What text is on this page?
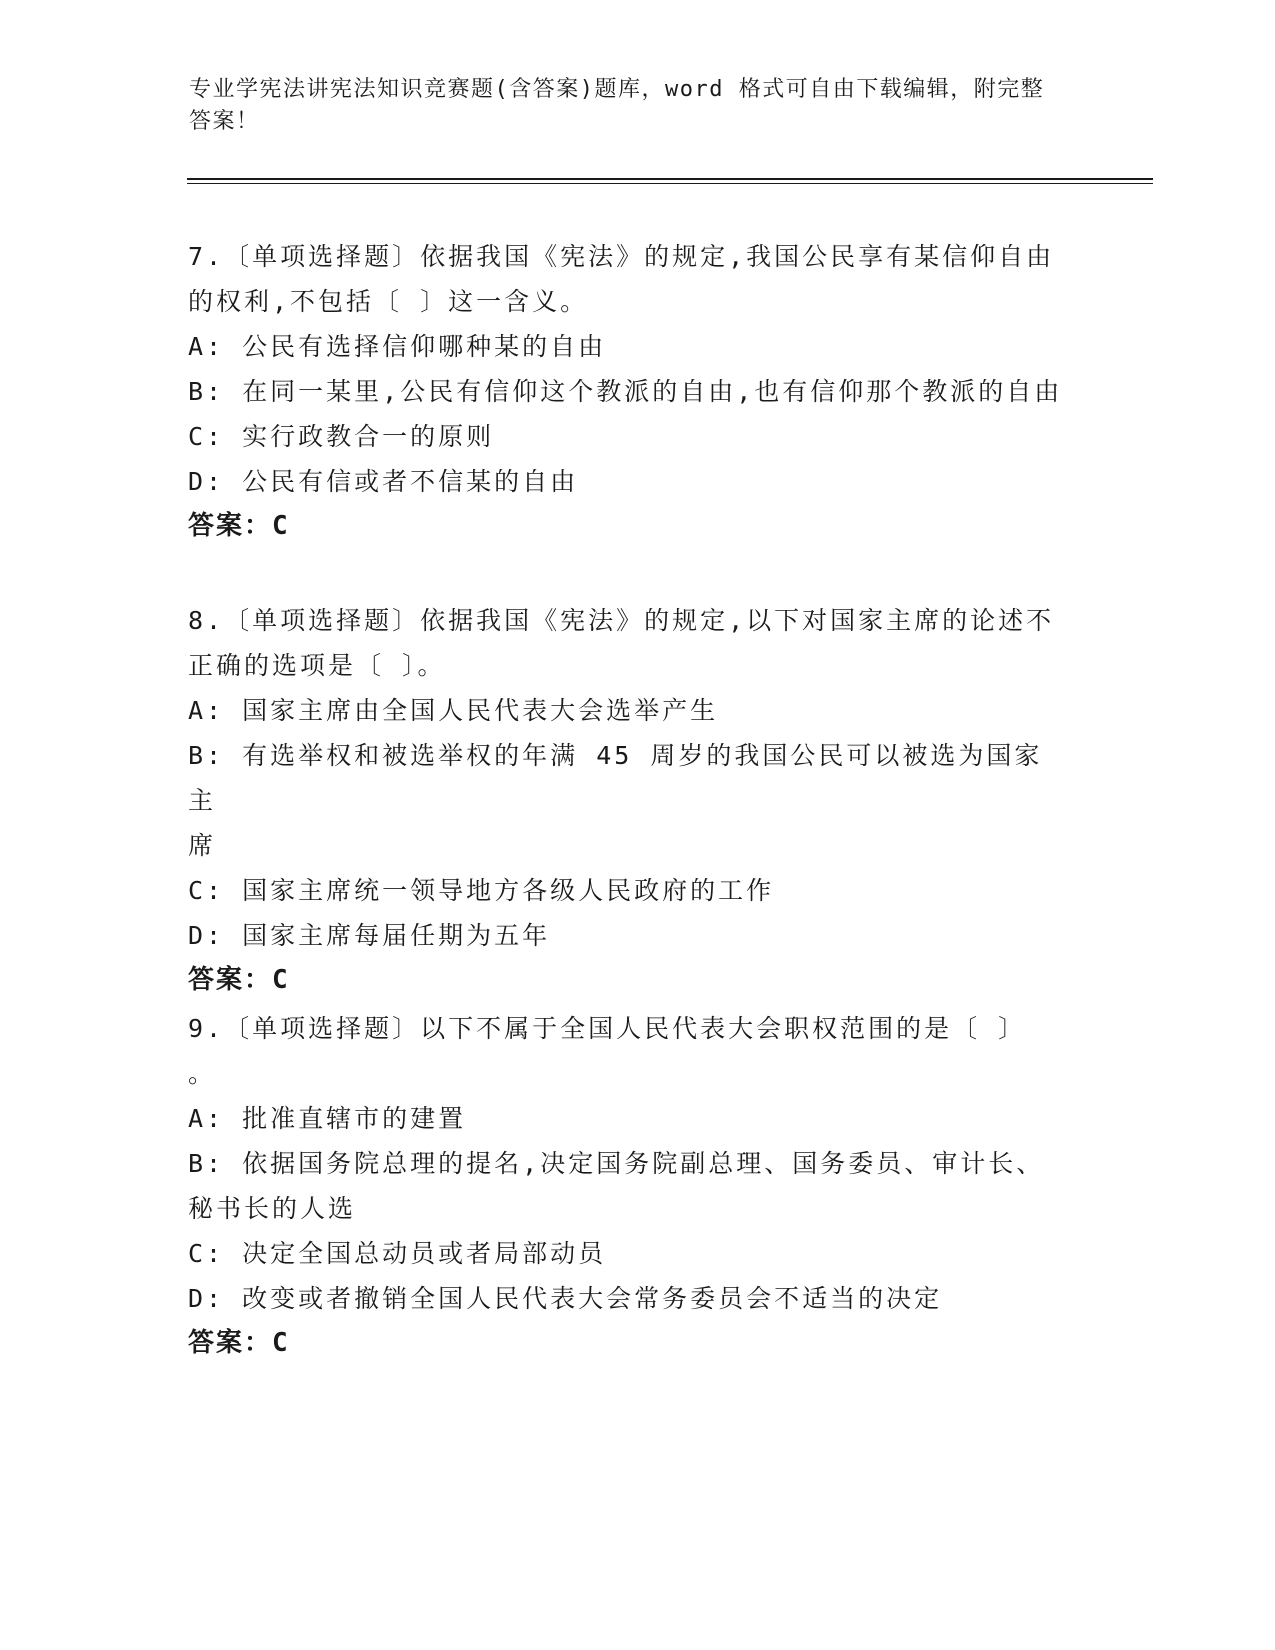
专业学宪法讲宪法知识竞赛题(含答案)题库，word 格式可自由下载编辑，附完整
答案！

7.〔单项选择题〕依据我国《宪法》的规定,我国公民享有某信仰自由

的权利,不包括〔 〕这一含义。

A: 公民有选择信仰哪种某的自由

B: 在同一某里,公民有信仰这个教派的自由,也有信仰那个教派的自由

C: 实行政教合一的原则

D: 公民有信或者不信某的自由

答案：C

8.〔单项选择题〕依据我国《宪法》的规定,以下对国家主席的论述不

正确的选项是〔 〕。

A: 国家主席由全国人民代表大会选举产生

B: 有选举权和被选举权的年满 45 周岁的我国公民可以被选为国家主

席

C: 国家主席统一领导地方各级人民政府的工作

D: 国家主席每届任期为五年

答案：C

9.〔单项选择题〕以下不属于全国人民代表大会职权范围的是〔 〕

。

A: 批准直辖市的建置

B: 依据国务院总理的提名,决定国务院副总理、国务委员、审计长、

秘书长的人选

C: 决定全国总动员或者局部动员

D: 改变或者撤销全国人民代表大会常务委员会不适当的决定

答案：C
